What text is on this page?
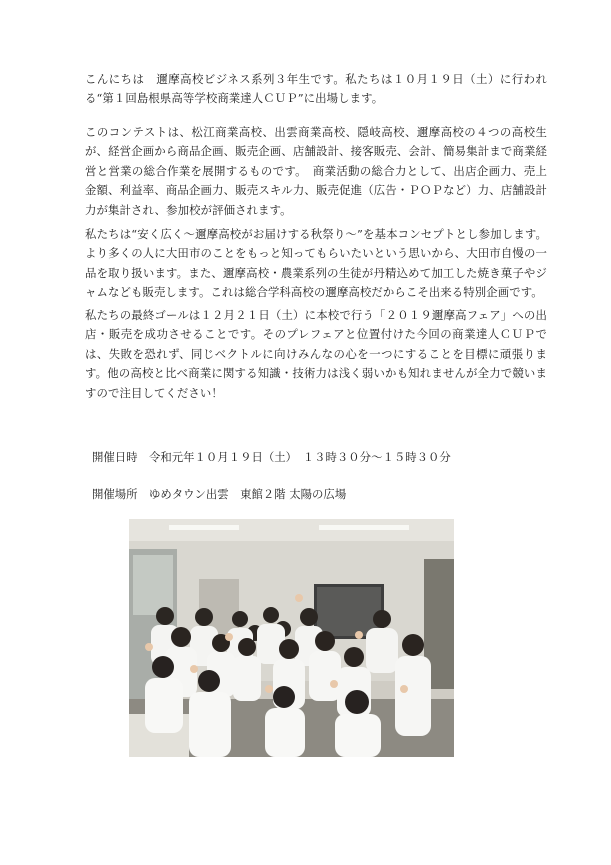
こんにちは　邇摩高校ビジネス系列３年生です。私たちは１０月１９日（土）に行われる“第１回島根県高等学校商業達人ＣＵＰ”に出場します。

このコンテストは、松江商業高校、出雲商業高校、隠岐高校、邇摩高校の４つの高校生が、経営企画から商品企画、販売企画、店舗設計、接客販売、会計、簡易集計まで商業経営と営業の総合作業を展開するものです。　商業活動の総合力として、出店企画力、売上金額、利益率、商品企画力、販売スキル力、販売促進（広告・ＰＯＰなど）力、店舗設計力が集計され、参加校が評価されます。

私たちは“安く広く～邇摩高校がお届けする秋祭り～”を基本コンセプトとし参加します。より多くの人に大田市のことをもっと知ってもらいたいという思いから、大田市自慢の一品を取り扱います。また、邇摩高校・農業系列の生徒が丹精込めて加工した焼き菓子やジャムなども販売します。これは総合学科高校の邇摩高校だからこそ出来る特別企画です。

私たちの最終ゴールは１２月２１日（土）に本校で行う「２０１９邇摩高フェア」への出店・販売を成功させることです。そのプレフェアと位置付けた今回の商業達人ＣＵＰでは、失敗を恐れず、同じベクトルに向けみんなの心を一つにすることを目標に頑張ります。他の高校と比べ商業に関する知識・技術力は浅く弱いかも知れませんが全力で競いますので注目してください！

開催日時　令和元年１０月１９日（土）　１３時３０分～１５時３０分

開催場所　ゆめタウン出雲　東館２階 太陽の広場
